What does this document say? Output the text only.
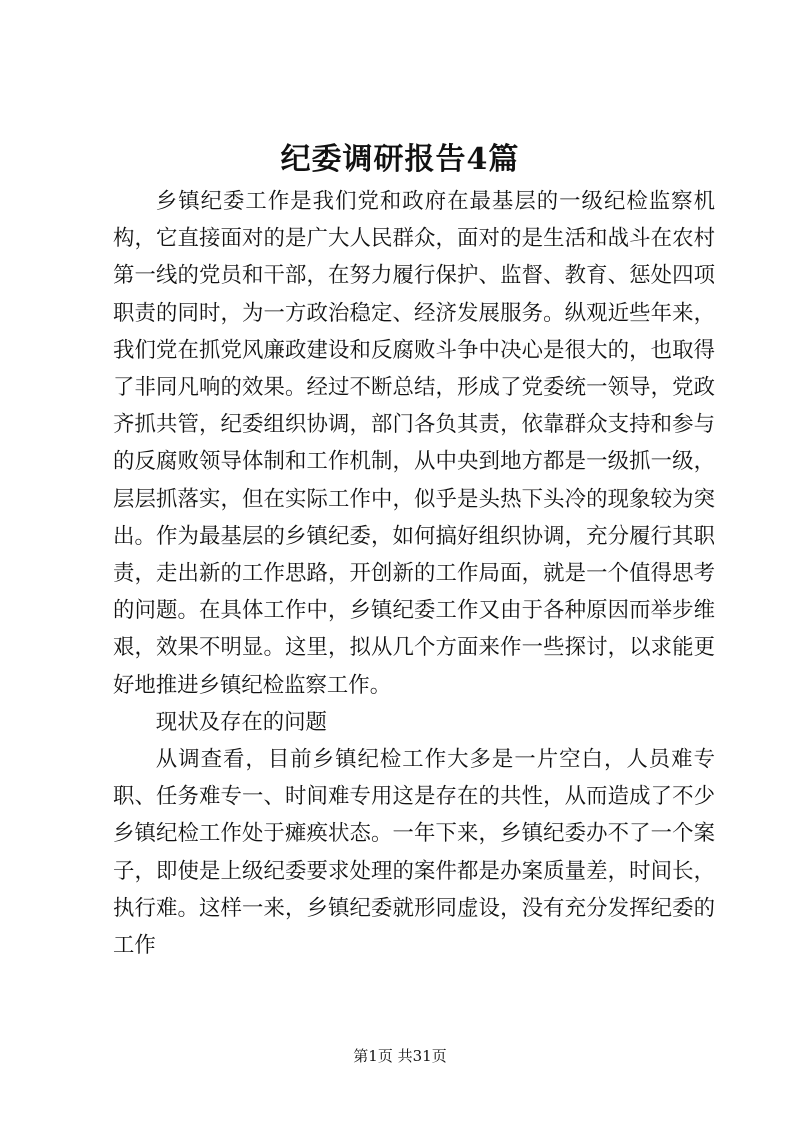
纪委调研报告4篇

乡镇纪委工作是我们党和政府在最基层的一级纪检监察机构，它直接面对的是广大人民群众，面对的是生活和战斗在农村第一线的党员和干部，在努力履行保护、监督、教育、惩处四项职责的同时，为一方政治稳定、经济发展服务。纵观近些年来，我们党在抓党风廉政建设和反腐败斗争中决心是很大的，也取得了非同凡响的效果。经过不断总结，形成了党委统一领导，党政齐抓共管，纪委组织协调，部门各负其责，依靠群众支持和参与的反腐败领导体制和工作机制，从中央到地方都是一级抓一级，层层抓落实，但在实际工作中，似乎是头热下头冷的现象较为突出。作为最基层的乡镇纪委，如何搞好组织协调，充分履行其职责，走出新的工作思路，开创新的工作局面，就是一个值得思考的问题。在具体工作中，乡镇纪委工作又由于各种原因而举步维艰，效果不明显。这里，拟从几个方面来作一些探讨，以求能更好地推进乡镇纪检监察工作。

现状及存在的问题

从调查看，目前乡镇纪检工作大多是一片空白，人员难专职、任务难专一、时间难专用这是存在的共性，从而造成了不少乡镇纪检工作处于瘫痪状态。一年下来，乡镇纪委办不了一个案子，即使是上级纪委要求处理的案件都是办案质量差，时间长，执行难。这样一来，乡镇纪委就形同虚设，没有充分发挥纪委的工作

第1页 共31页
